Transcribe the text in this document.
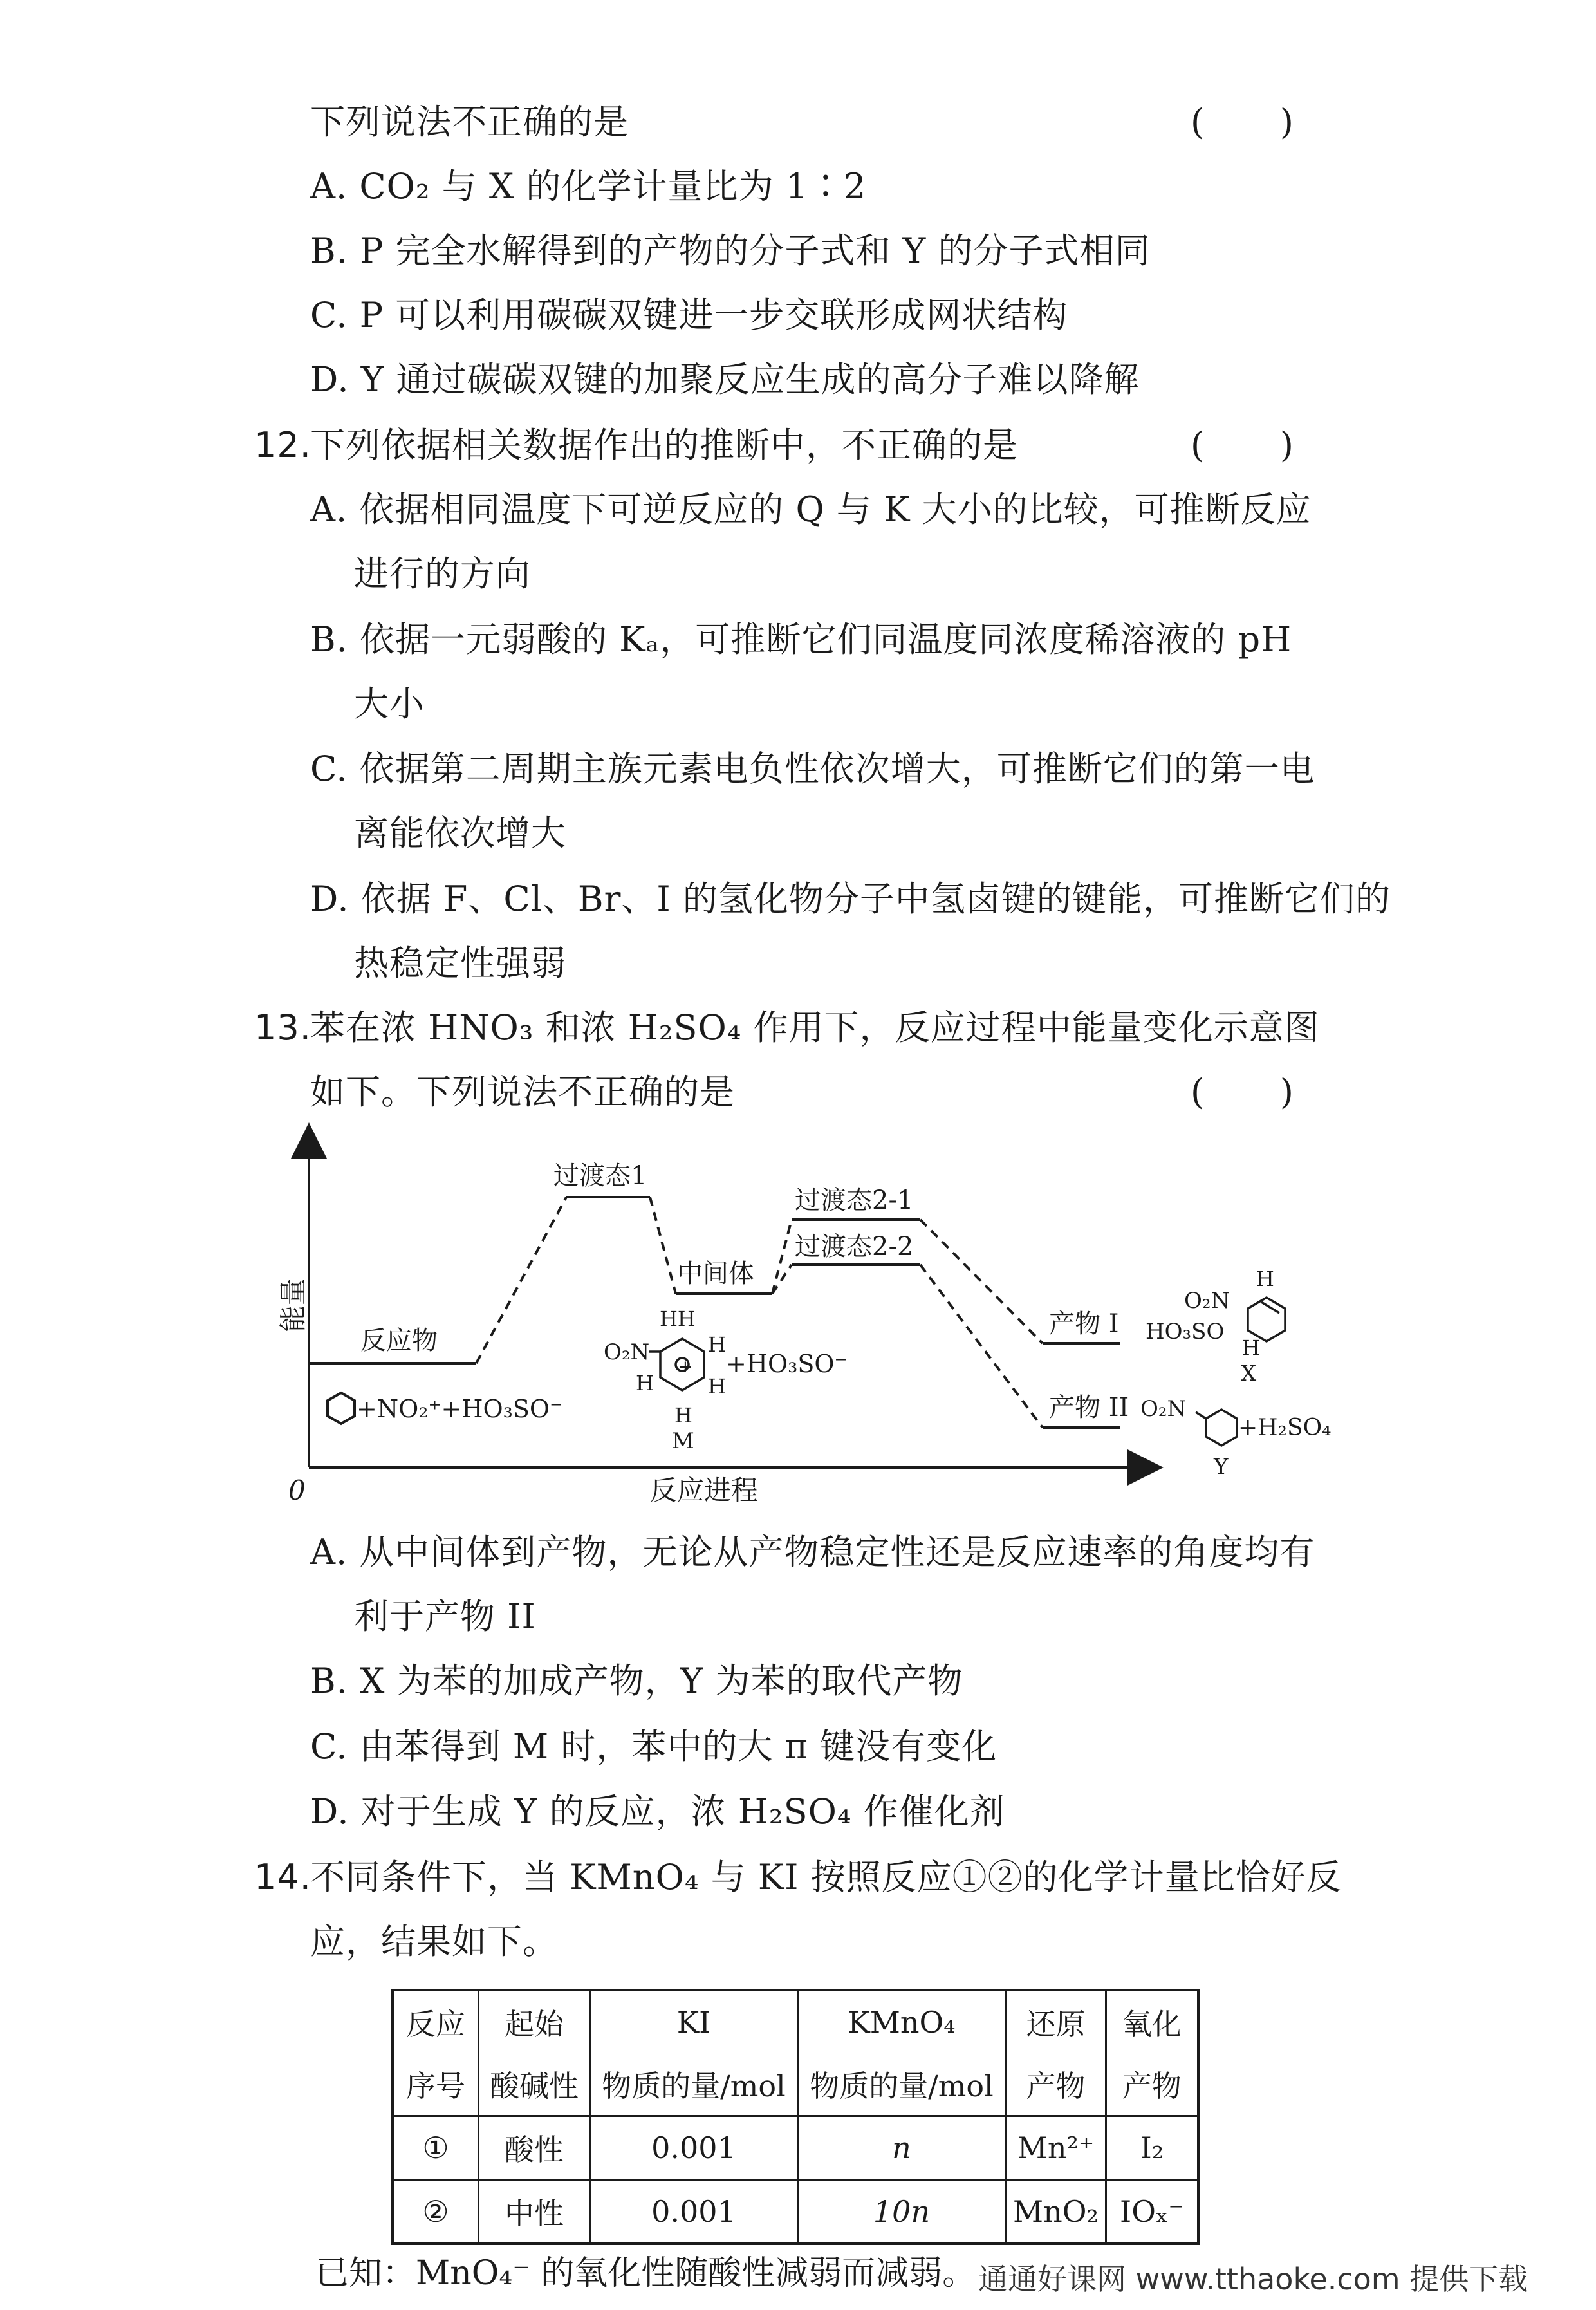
下列说法不正确的是	( )
A. CO₂ 与 X 的化学计量比为 1∶2
B. P 完全水解得到的产物的分子式和 Y 的分子式相同
C. P 可以利用碳碳双键进一步交联形成网状结构
D. Y 通过碳碳双键的加聚反应生成的高分子难以降解
12.
下列依据相关数据作出的推断中，不正确的是	( )
A. 依据相同温度下可逆反应的 Q 与 K 大小的比较，可推断反应
进行的方向
B. 依据一元弱酸的 Kₐ，可推断它们同温度同浓度稀溶液的 pH
大小
C. 依据第二周期主族元素电负性依次增大，可推断它们的第一电
离能依次增大
D. 依据 F、Cl、Br、I 的氢化物分子中氢卤键的键能，可推断它们的
热稳定性强弱
13.
苯在浓 HNO₃ 和浓 H₂SO₄ 作用下，反应过程中能量变化示意图
如下。下列说法不正确的是	( )
0
能量
反应进程
反应物
过渡态1
中间体
过渡态2-1
过渡态2-2
产物 I
产物 II
+NO₂⁺+HO₃SO⁻
+
O₂N
HH
H
H
H
H
+HO₃SO⁻
M
H
O₂N
HO₃SO
H
X
O₂N
+H₂SO₄
Y
A. 从中间体到产物，无论从产物稳定性还是反应速率的角度均有
利于产物 II
B. X 为苯的加成产物，Y 为苯的取代产物
C. 由苯得到 M 时，苯中的大 π 键没有变化
D. 对于生成 Y 的反应，浓 H₂SO₄ 作催化剂
14.
不同条件下，当 KMnO₄ 与 KI 按照反应①②的化学计量比恰好反
应，结果如下。
反应	起始	KI	KMnO₄	还原	氧化
序号	酸碱性	物质的量/mol	物质的量/mol	产物	产物
①	酸性	0.001	n	Mn²⁺	I₂
②	中性	0.001	10n	MnO₂	IOₓ⁻
已知：MnO₄⁻ 的氧化性随酸性减弱而减弱。 通通好课网 www.tthaoke.com 提供下载
